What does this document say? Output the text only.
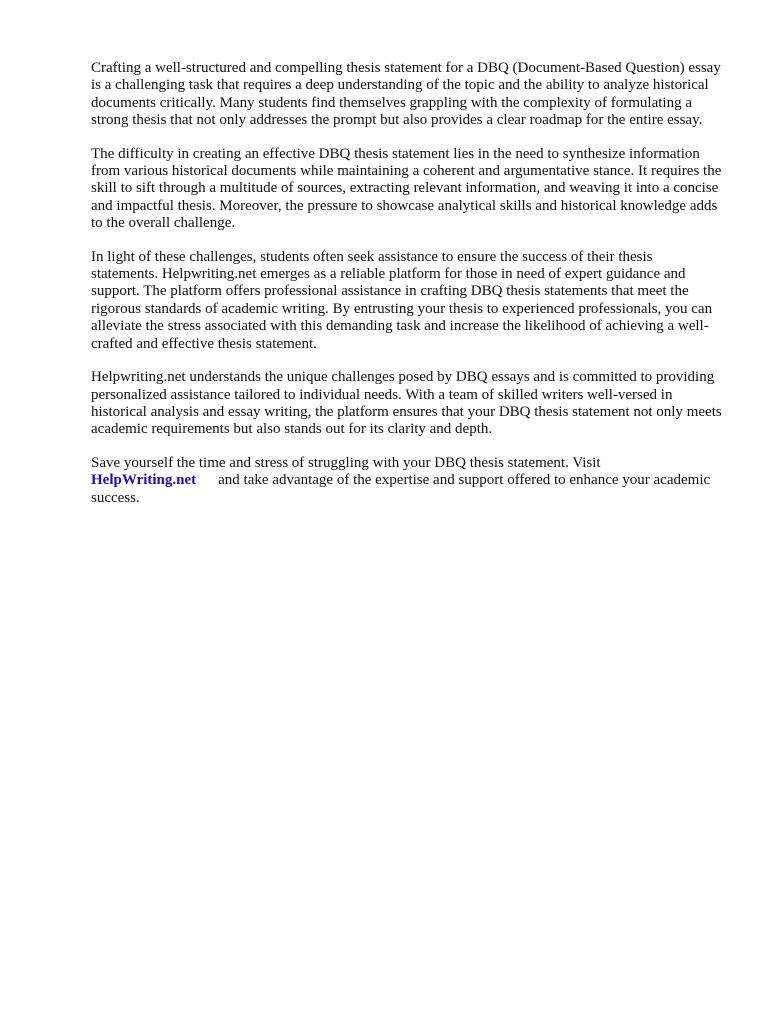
Crafting a well-structured and compelling thesis statement for a DBQ (Document-Based Question) essay is a challenging task that requires a deep understanding of the topic and the ability to analyze historical documents critically. Many students find themselves grappling with the complexity of formulating a strong thesis that not only addresses the prompt but also provides a clear roadmap for the entire essay.

The difficulty in creating an effective DBQ thesis statement lies in the need to synthesize information from various historical documents while maintaining a coherent and argumentative stance. It requires the skill to sift through a multitude of sources, extracting relevant information, and weaving it into a concise and impactful thesis. Moreover, the pressure to showcase analytical skills and historical knowledge adds to the overall challenge.

In light of these challenges, students often seek assistance to ensure the success of their thesis statements. Helpwriting.net emerges as a reliable platform for those in need of expert guidance and support. The platform offers professional assistance in crafting DBQ thesis statements that meet the rigorous standards of academic writing. By entrusting your thesis to experienced professionals, you can alleviate the stress associated with this demanding task and increase the likelihood of achieving a well-crafted and effective thesis statement.

Helpwriting.net understands the unique challenges posed by DBQ essays and is committed to providing personalized assistance tailored to individual needs. With a team of skilled writers well-versed in historical analysis and essay writing, the platform ensures that your DBQ thesis statement not only meets academic requirements but also stands out for its clarity and depth.

Save yourself the time and stress of struggling with your DBQ thesis statement. Visit
HelpWriting.net and take advantage of the expertise and support offered to enhance your academic success.
